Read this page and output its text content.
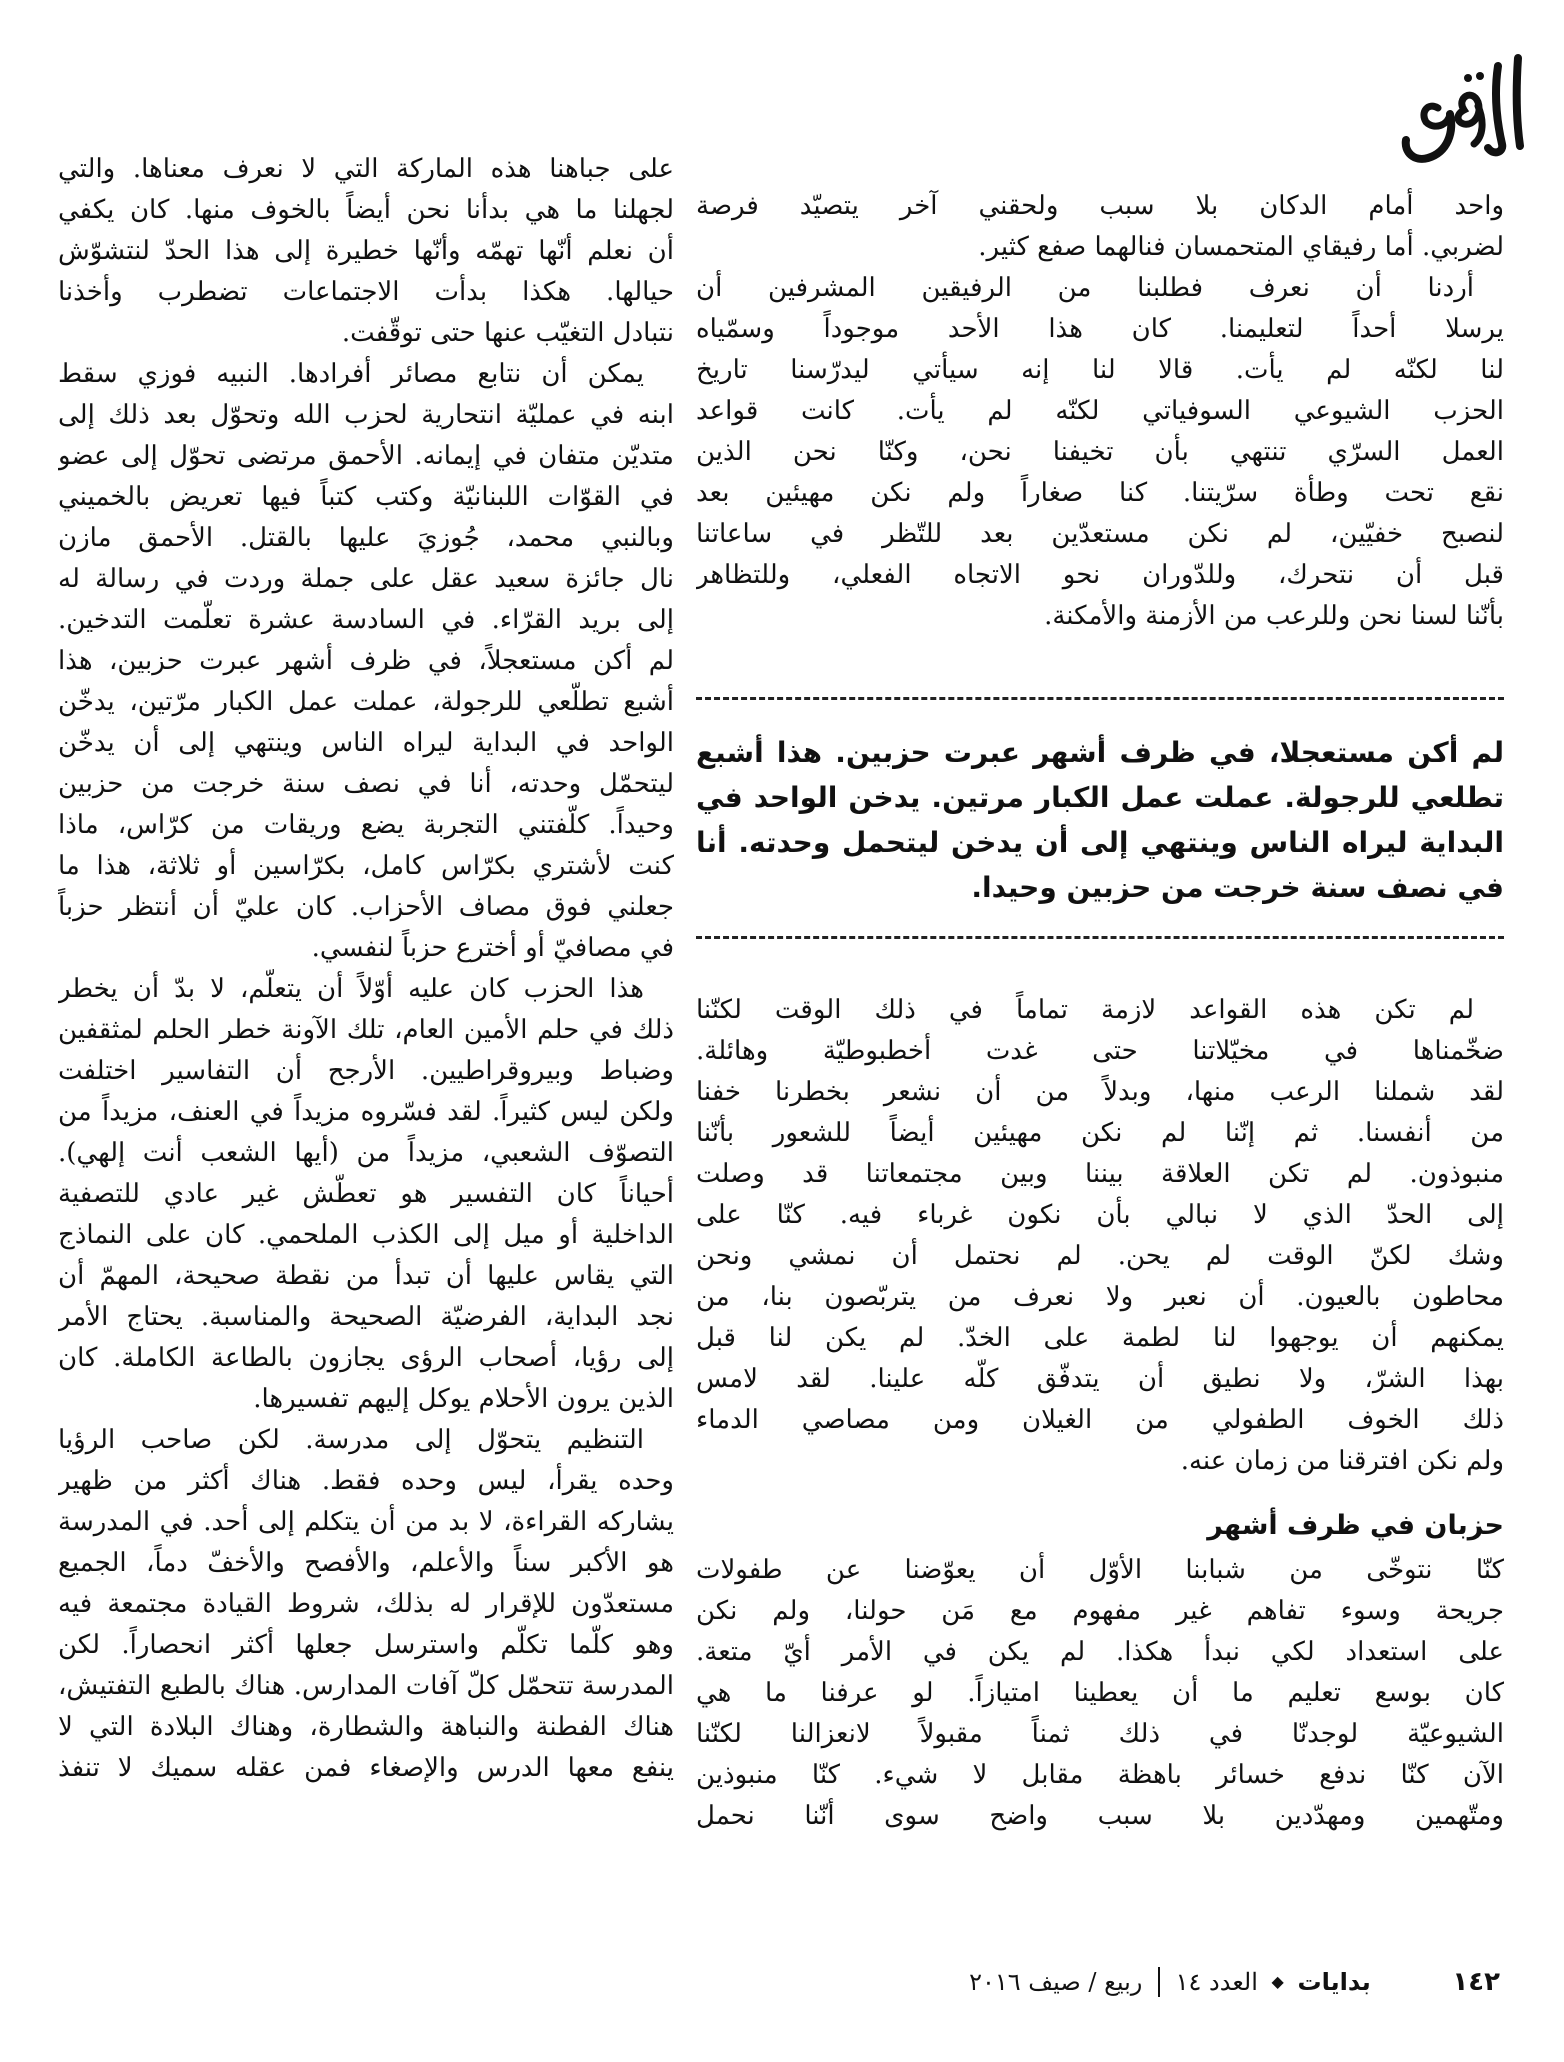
واحد أمام الدكان بلا سبب ولحقني آخر يتصيّد فرصة
لضربي. أما رفيقاي المتحمسان فنالهما صفع كثير.
أردنا أن نعرف فطلبنا من الرفيقين المشرفين أن
يرسلا أحداً لتعليمنا. كان هذا الأحد موجوداً وسمّياه
لنا لكنّه لم يأت. قالا لنا إنه سيأتي ليدرّسنا تاريخ
الحزب الشيوعي السوفياتي لكنّه لم يأت. كانت قواعد
العمل السرّي تنتهي بأن تخيفنا نحن، وكنّا نحن الذين
نقع تحت وطأة سرّيتنا. كنا صغاراً ولم نكن مهيئين بعد
لنصبح خفيّين، لم نكن مستعدّين بعد للتّظر في ساعاتنا
قبل أن نتحرك، وللدّوران نحو الاتجاه الفعلي، وللتظاهر
بأنّنا لسنا نحن وللرعب من الأزمنة والأمكنة.
لم أكن مستعجلا، في ظرف أشهر عبرت حزبين. هذا أشبع
تطلعي للرجولة. عملت عمل الكبار مرتين. يدخن الواحد في
البداية ليراه الناس وينتهي إلى أن يدخن ليتحمل وحدته. أنا
في نصف سنة خرجت من حزبين وحيدا.
لم تكن هذه القواعد لازمة تماماً في ذلك الوقت لكنّنا
ضخّمناها في مخيّلاتنا حتى غدت أخطبوطيّة وهائلة.
لقد شملنا الرعب منها، وبدلاً من أن نشعر بخطرنا خفنا
من أنفسنا. ثم إنّنا لم نكن مهيئين أيضاً للشعور بأنّنا
منبوذون. لم تكن العلاقة بيننا وبين مجتمعاتنا قد وصلت
إلى الحدّ الذي لا نبالي بأن نكون غرباء فيه. كنّا على
وشك لكنّ الوقت لم يحن. لم نحتمل أن نمشي ونحن
محاطون بالعيون. أن نعبر ولا نعرف من يتربّصون بنا، من
يمكنهم أن يوجهوا لنا لطمة على الخدّ. لم يكن لنا قبل
بهذا الشرّ، ولا نطيق أن يتدفّق كلّه علينا. لقد لامس
ذلك الخوف الطفولي من الغيلان ومن مصاصي الدماء
ولم نكن افترقنا من زمان عنه.
حزبان في ظرف أشهر
كنّا نتوخّى من شبابنا الأوّل أن يعوّضنا عن طفولات
جريحة وسوء تفاهم غير مفهوم مع مَن حولنا، ولم نكن
على استعداد لكي نبدأ هكذا. لم يكن في الأمر أيّ متعة.
كان بوسع تعليم ما أن يعطينا امتيازاً. لو عرفنا ما هي
الشيوعيّة لوجدنّا في ذلك ثمناً مقبولاً لانعزالنا لكنّنا
الآن كنّا ندفع خسائر باهظة مقابل لا شيء. كنّا منبوذين
ومتّهمين ومهدّدين بلا سبب واضح سوى أنّنا نحمل
على جباهنا هذه الماركة التي لا نعرف معناها. والتي
لجهلنا ما هي بدأنا نحن أيضاً بالخوف منها. كان يكفي
أن نعلم أنّها تهمّه وأنّها خطيرة إلى هذا الحدّ لنتشوّش
حيالها. هكذا بدأت الاجتماعات تضطرب وأخذنا
نتبادل التغيّب عنها حتى توقّفت.
يمكن أن نتابع مصائر أفرادها. النبيه فوزي سقط
ابنه في عمليّة انتحارية لحزب الله وتحوّل بعد ذلك إلى
متديّن متفان في إيمانه. الأحمق مرتضى تحوّل إلى عضو
في القوّات اللبنانيّة وكتب كتباً فيها تعريض بالخميني
وبالنبي محمد، جُوزيَ عليها بالقتل. الأحمق مازن
نال جائزة سعيد عقل على جملة وردت في رسالة له
إلى بريد القرّاء. في السادسة عشرة تعلّمت التدخين.
لم أكن مستعجلاً، في ظرف أشهر عبرت حزبين، هذا
أشبع تطلّعي للرجولة، عملت عمل الكبار مرّتين، يدخّن
الواحد في البداية ليراه الناس وينتهي إلى أن يدخّن
ليتحمّل وحدته، أنا في نصف سنة خرجت من حزبين
وحيداً. كلّفتني التجربة يضع وريقات من كرّاس، ماذا
كنت لأشتري بكرّاس كامل، بكرّاسين أو ثلاثة، هذا ما
جعلني فوق مصاف الأحزاب. كان عليّ أن أنتظر حزباً
في مصافيّ أو أخترع حزباً لنفسي.
هذا الحزب كان عليه أوّلاً أن يتعلّم، لا بدّ أن يخطر
ذلك في حلم الأمين العام، تلك الآونة خطر الحلم لمثقفين
وضباط وبيروقراطيين. الأرجح أن التفاسير اختلفت
ولكن ليس كثيراً. لقد فسّروه مزيداً في العنف، مزيداً من
التصوّف الشعبي، مزيداً من (أيها الشعب أنت إلهي).
أحياناً كان التفسير هو تعطّش غير عادي للتصفية
الداخلية أو ميل إلى الكذب الملحمي. كان على النماذج
التي يقاس عليها أن تبدأ من نقطة صحيحة، المهمّ أن
نجد البداية، الفرضيّة الصحيحة والمناسبة. يحتاج الأمر
إلى رؤيا، أصحاب الرؤى يجازون بالطاعة الكاملة. كان
الذين يرون الأحلام يوكل إليهم تفسيرها.
التنظيم يتحوّل إلى مدرسة. لكن صاحب الرؤيا
وحده يقرأ، ليس وحده فقط. هناك أكثر من ظهير
يشاركه القراءة، لا بد من أن يتكلم إلى أحد. في المدرسة
هو الأكبر سناً والأعلم، والأفصح والأخفّ دماً، الجميع
مستعدّون للإقرار له بذلك، شروط القيادة مجتمعة فيه
وهو كلّما تكلّم واسترسل جعلها أكثر انحصاراً. لكن
المدرسة تتحمّل كلّ آفات المدارس. هناك بالطبع التفتيش،
هناك الفطنة والنباهة والشطارة، وهناك البلادة التي لا
ينفع معها الدرس والإصغاء فمن عقله سميك لا تنفذ
١٤٢ بدايات ◆ العدد ١٤  ربيع / صيف ٢٠١٦
